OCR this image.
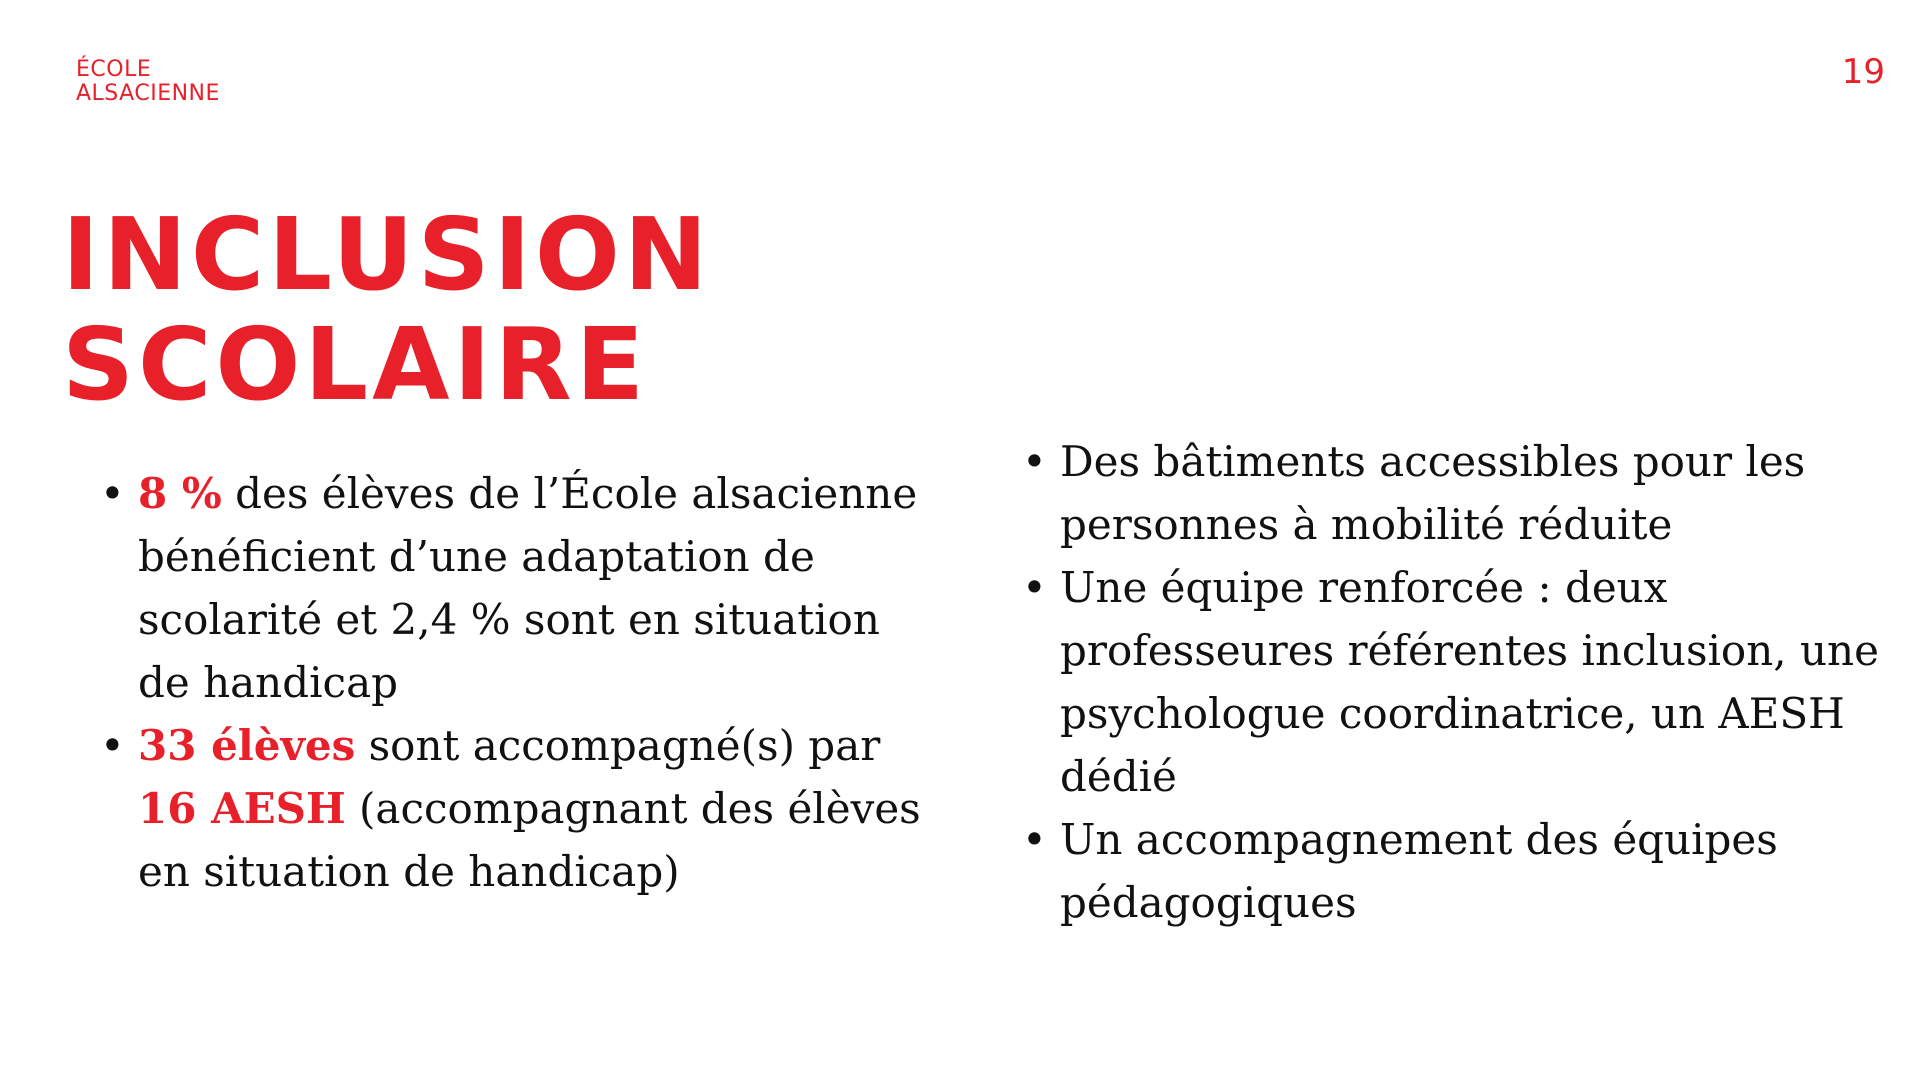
ÉCOLE
ALSACIENNE
19
INCLUSION
SCOLAIRE
• 8 % des élèves de l’École alsacienne bénéficient d’une adaptation de scolarité et 2,4 % sont en situation de handicap
• 33 élèves sont accompagné(s) par 16 AESH (accompagnant des élèves en situation de handicap)
• Des bâtiments accessibles pour les personnes à mobilité réduite
• Une équipe renforcée : deux professeures référentes inclusion, une psychologue coordinatrice, un AESH dédié
• Un accompagnement des équipes pédagogiques
